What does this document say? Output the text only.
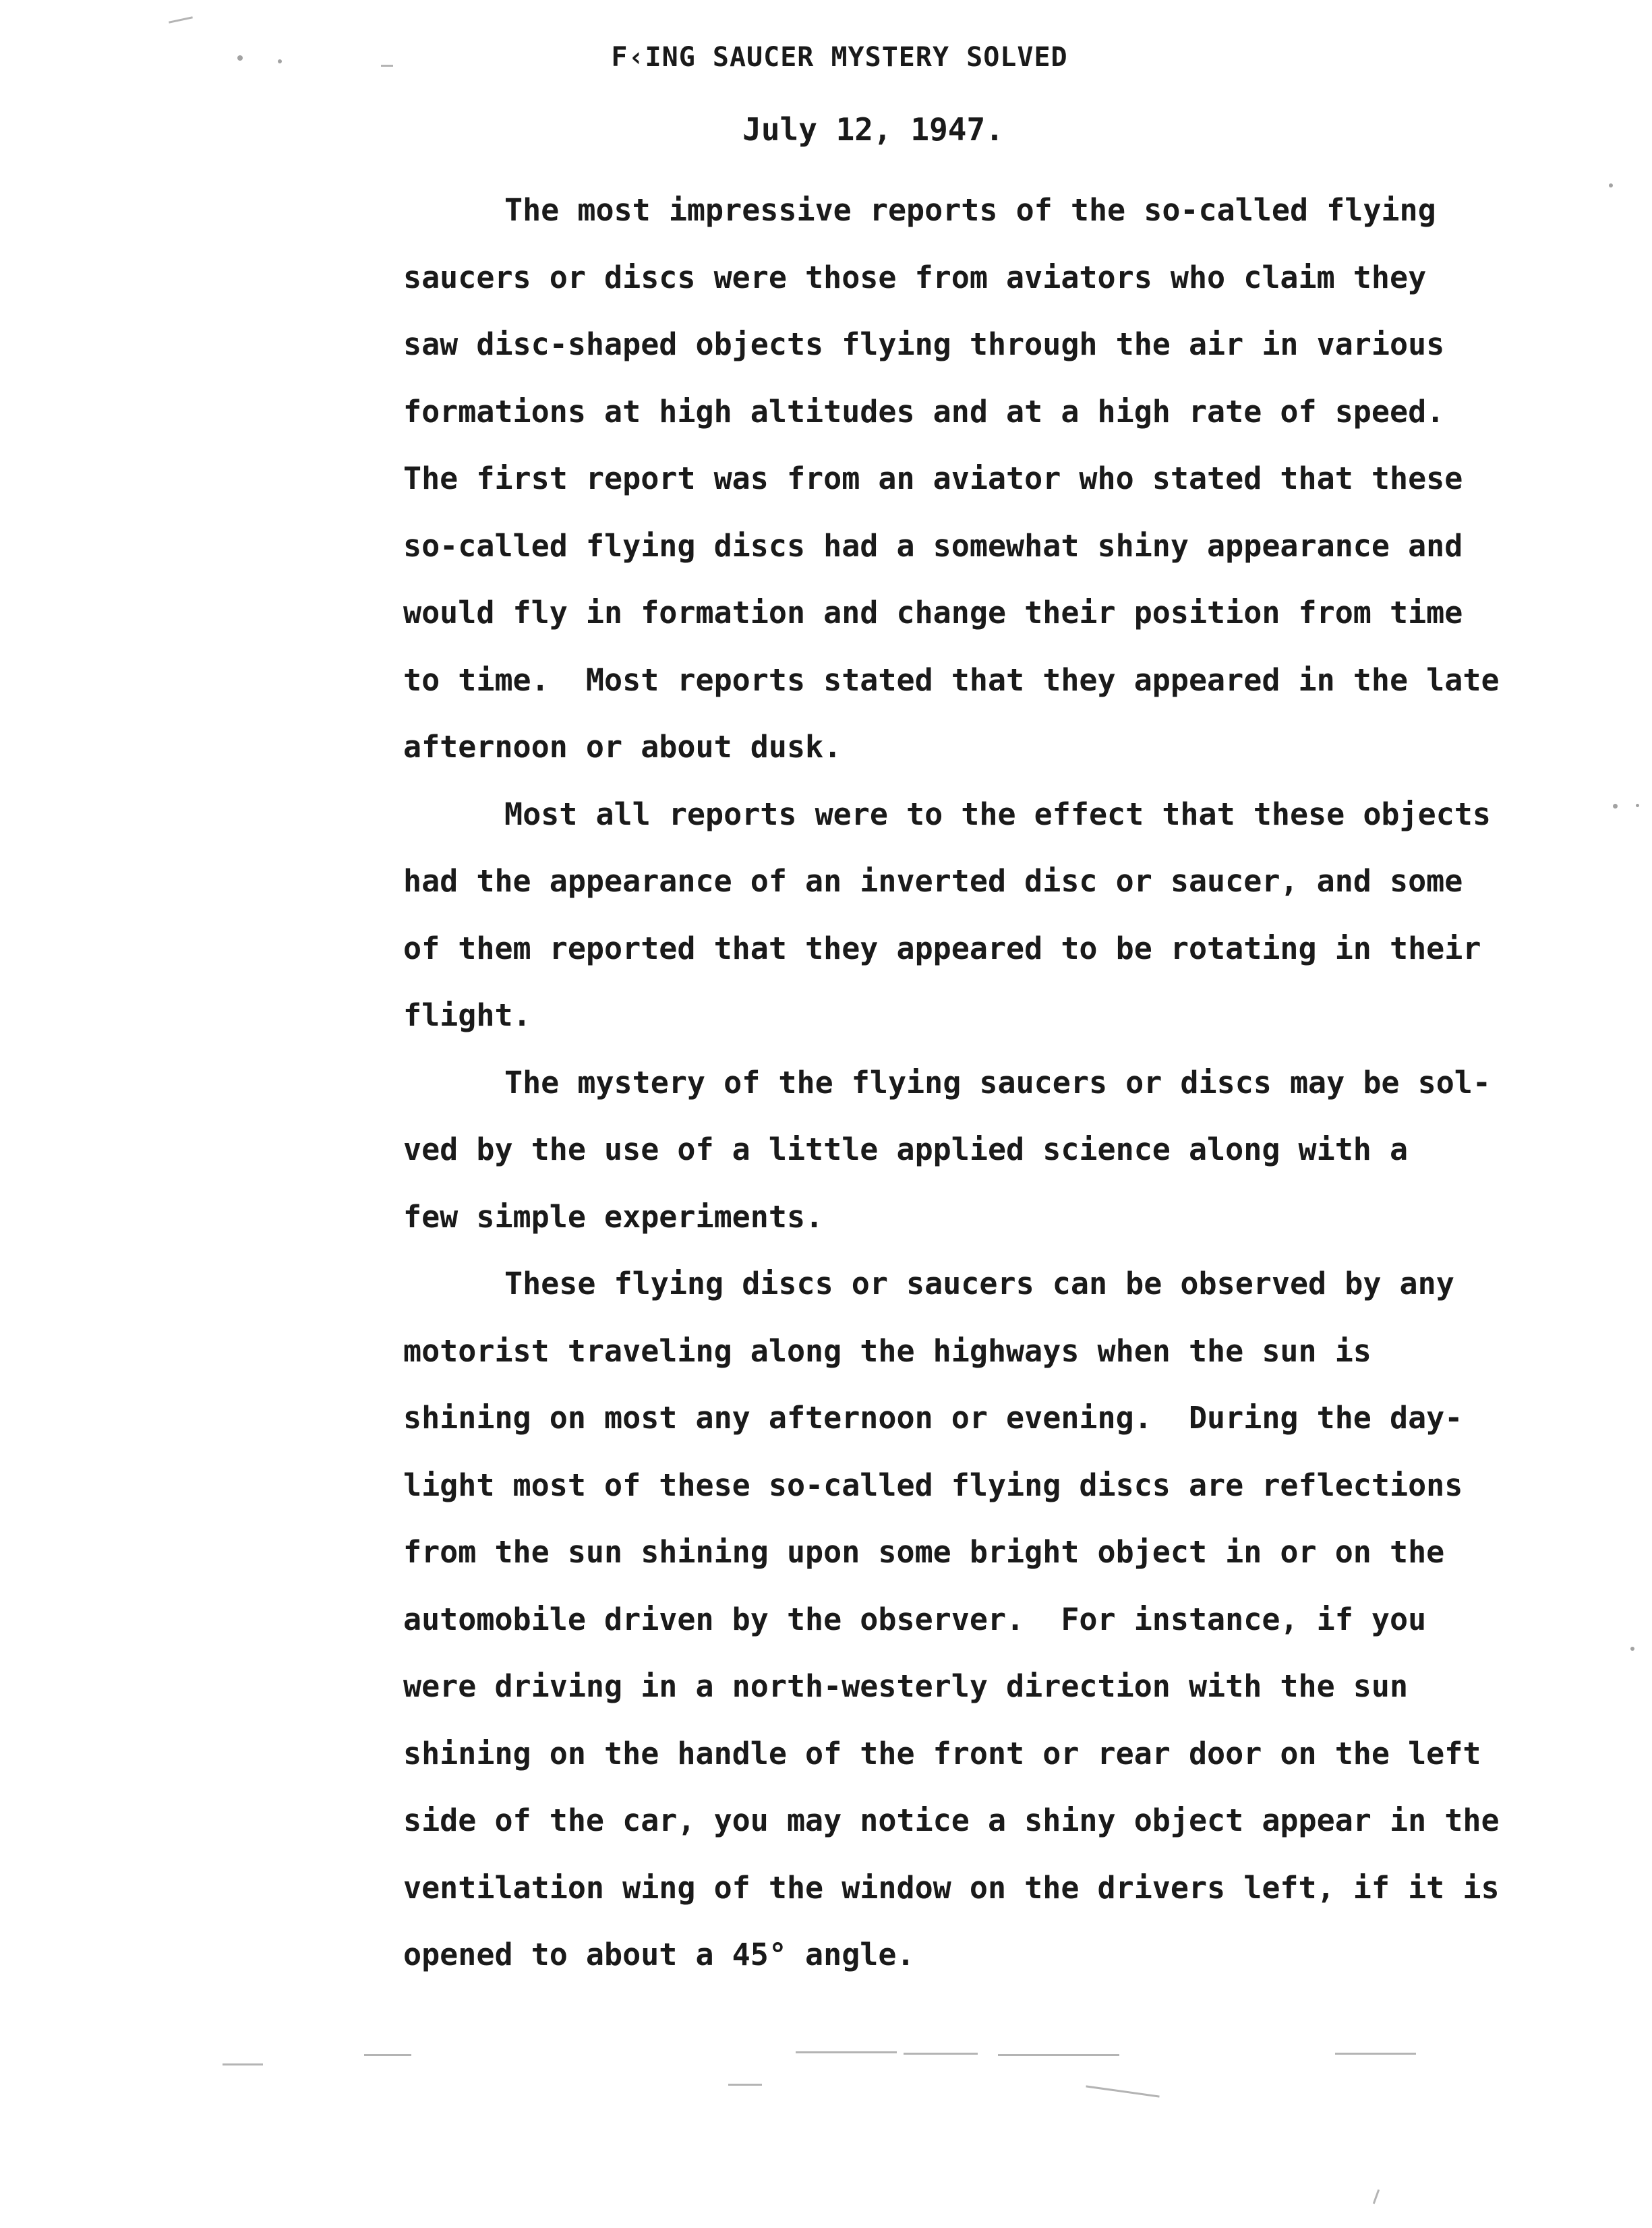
F‹ING SAUCER MYSTERY SOLVED
July 12, 1947.
The most impressive reports of the so-called flying
saucers or discs were those from aviators who claim they
saw disc-shaped objects flying through the air in various
formations at high altitudes and at a high rate of speed.
The first report was from an aviator who stated that these
so-called flying discs had a somewhat shiny appearance and
would fly in formation and change their position from time
to time.  Most reports stated that they appeared in the late
afternoon or about dusk.
Most all reports were to the effect that these objects
had the appearance of an inverted disc or saucer, and some
of them reported that they appeared to be rotating in their
flight.
The mystery of the flying saucers or discs may be sol-
ved by the use of a little applied science along with a
few simple experiments.
These flying discs or saucers can be observed by any
motorist traveling along the highways when the sun is
shining on most any afternoon or evening.  During the day-
light most of these so-called flying discs are reflections
from the sun shining upon some bright object in or on the
automobile driven by the observer.  For instance, if you
were driving in a north-westerly direction with the sun
shining on the handle of the front or rear door on the left
side of the car, you may notice a shiny object appear in the
ventilation wing of the window on the drivers left, if it is
opened to about a 45° angle.
